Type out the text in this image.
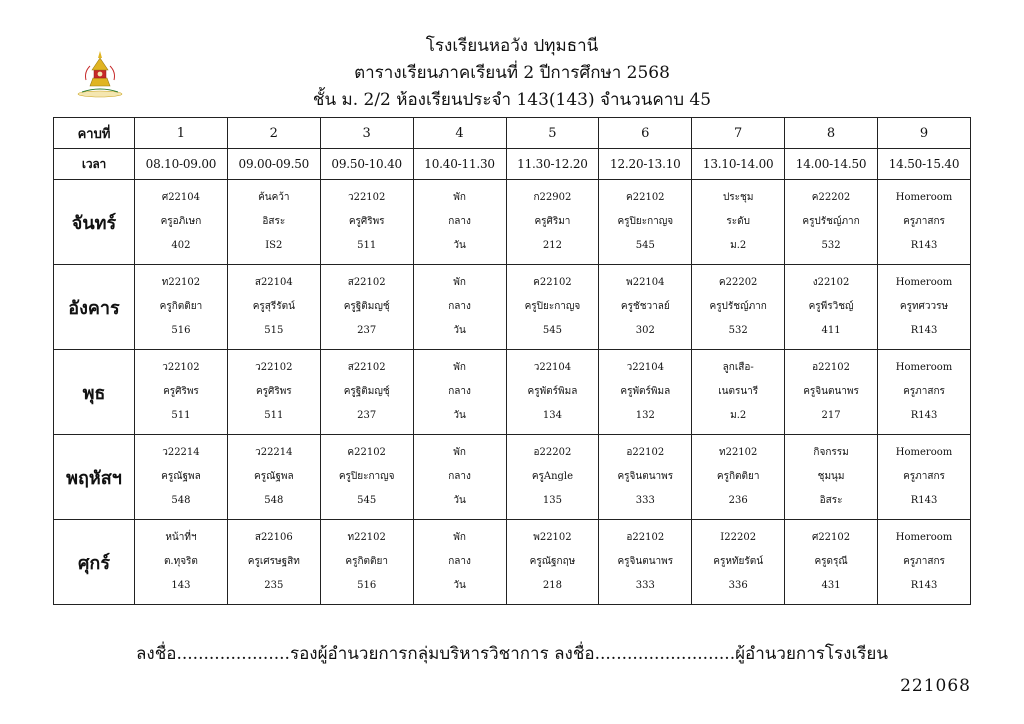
โรงเรียนหอวัง ปทุมธานี
ตารางเรียนภาคเรียนที่ 2 ปีการศึกษา 2568
ชั้น ม. 2/2 ห้องเรียนประจำ 143(143) จำนวนคาบ 45
คาบที่	1	2	3	4	5	6	7	8	9
เวลา	08.10-09.00	09.00-09.50	09.50-10.40	10.40-11.30	11.30-12.20	12.20-13.10	13.10-14.00	14.00-14.50	14.50-15.40
จันทร์	ศ22104
ครูอภิเษก
402	ค้นคว้า
อิสระ
IS2	ว22102
ครูศิริพร
511	พัก
กลาง
วัน	ก22902
ครูศิริมา
212	ค22102
ครูปิยะกาญจ
545	ประชุม
ระดับ
ม.2	ค22202
ครูปรัชญ์ภาก
532	Homeroom
ครูภาสกร
R143

อังคาร	ท22102
ครูกิตติยา
516	ส22104
ครูสุรีรัตน์
515	ส22102
ครูฐิติมญชุ์
237	พัก
กลาง
วัน	ค22102
ครูปิยะกาญจ
545	พ22104
ครูชัชวาลย์
302	ค22202
ครูปรัชญ์ภาก
532	ง22102
ครูพีรวิชญ์
411	Homeroom
ครูทศววรษ
R143

พุธ	ว22102
ครูศิริพร
511	ว22102
ครูศิริพร
511	ส22102
ครูฐิติมญชุ์
237	พัก
กลาง
วัน	ว22104
ครูพัตร์พิมล
134	ว22104
ครูพัตร์พิมล
132	ลูกเสือ-
เนตรนารี
ม.2	อ22102
ครูจินตนาพร
217	Homeroom
ครูภาสกร
R143

พฤหัสฯ	ว22214
ครูณัฐพล
548	ว22214
ครูณัฐพล
548	ค22102
ครูปิยะกาญจ
545	พัก
กลาง
วัน	อ22202
ครูAngle
135	อ22102
ครูจินตนาพร
333	ท22102
ครูกิตติยา
236	กิจกรรม
ชุมนุม
อิสระ	Homeroom
ครูภาสกร
R143

ศุกร์	หน้าที่ฯ
ต.ทุจริต
143	ส22106
ครูเศรษฐสิท
235	ท22102
ครูกิตติยา
516	พัก
กลาง
วัน	พ22102
ครูณัฐกฤษ
218	อ22102
ครูจินตนาพร
333	I22202
ครูหทัยรัตน์
336	ศ22102
ครูดรุณี
431	Homeroom
ครูภาสกร
R143
ลงชื่อ.....................รองผู้อำนวยการกลุ่มบริหารวิชาการ ลงชื่อ..........................ผู้อำนวยการโรงเรียน
221068
